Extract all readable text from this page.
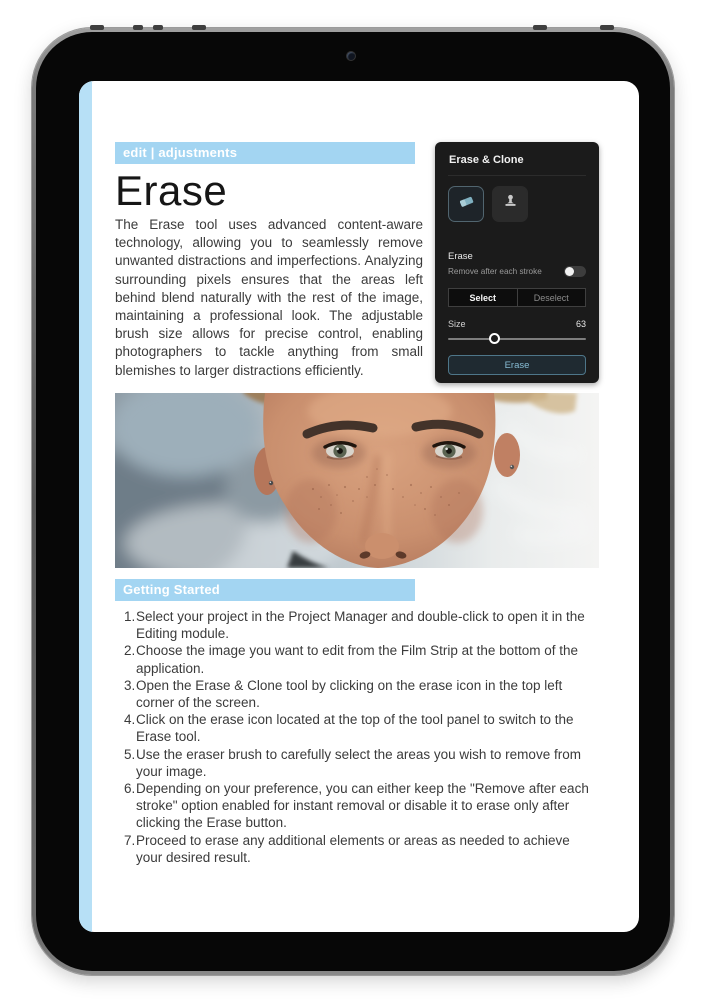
Erase & Clone
Erase
Remove after each stroke
Select	Deselect
Size	63
Erase
edit | adjustments
Erase

The Erase tool uses advanced content-aware technology, allowing you to seamlessly remove unwanted distractions and imperfections. Analyzing surrounding pixels ensures that the areas left behind blend naturally with the rest of the image, maintaining a professional look. The adjustable brush size allows for precise control, enabling photographers to tackle anything from small blemishes to larger distractions efficiently.

Getting Started
Select your project in the Project Manager and double-click to open it in the Editing module.
Choose the image you want to edit from the Film Strip at the bottom of the application.
Open the Erase & Clone tool by clicking on the erase icon in the top left corner of the screen.
Click on the erase icon located at the top of the tool panel to switch to the Erase tool.
Use the eraser brush to carefully select the areas you wish to remove from your image.
Depending on your preference, you can either keep the "Remove after each stroke" option enabled for instant removal or disable it to erase only after clicking the Erase button.
Proceed to erase any additional elements or areas as needed to achieve your desired result.
